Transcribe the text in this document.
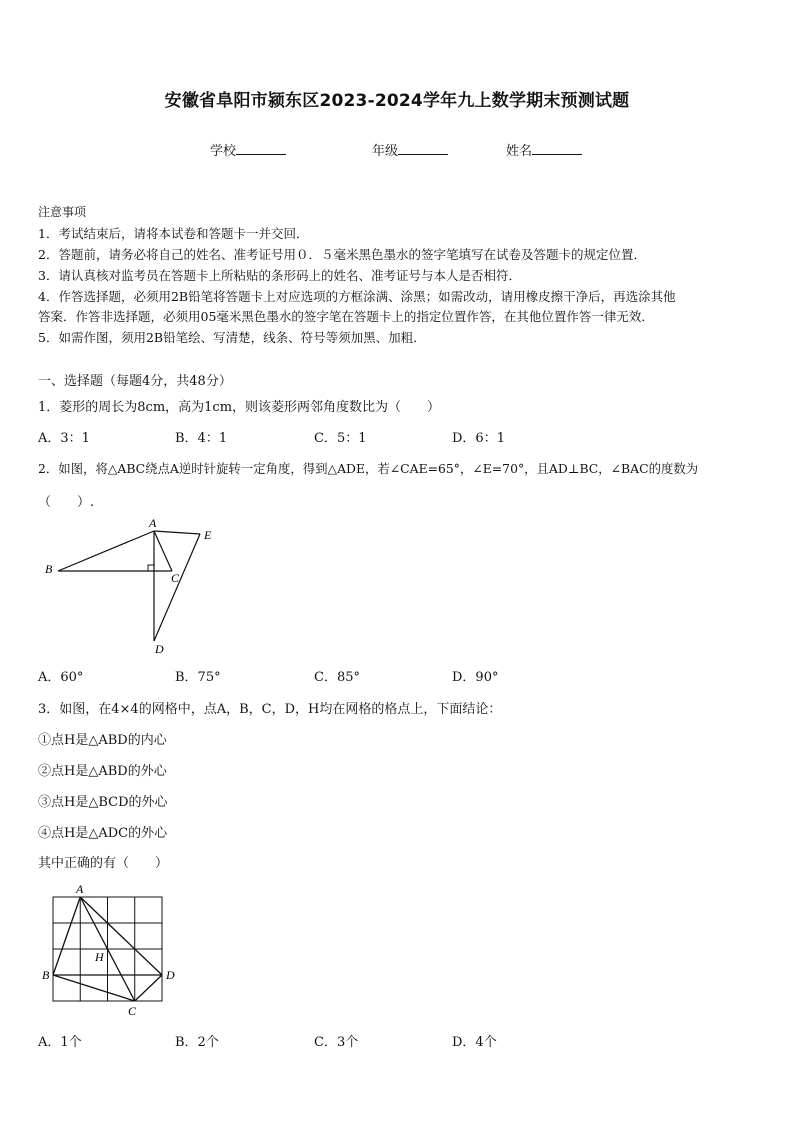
安徽省阜阳市颍东区2023-2024学年九上数学期末预测试题
学校	年级	姓名
注意事项
1．考试结束后，请将本试卷和答题卡一并交回．
2．答题前，请务必将自己的姓名、准考证号用０．５毫米黑色墨水的签字笔填写在试卷及答题卡的规定位置．
3．请认真核对监考员在答题卡上所粘贴的条形码上的姓名、准考证号与本人是否相符．
4．作答选择题，必须用2B铅笔将答题卡上对应选项的方框涂满、涂黑；如需改动，请用橡皮擦干净后，再选涂其他
答案．作答非选择题，必须用05毫米黑色墨水的签字笔在答题卡上的指定位置作答，在其他位置作答一律无效．
5．如需作图，须用2B铅笔绘、写清楚，线条、符号等须加黑、加粗．
一、选择题（每题4分，共48分）
1．菱形的周长为8cm，高为1cm，则该菱形两邻角度数比为（　　）
A．3：1	B．4：1	C．5：1	D．6：1
2．如图，将△ABC绕点A逆时针旋转一定角度，得到△ADE，若∠CAE=65°，∠E=70°，且AD⊥BC，∠BAC的度数为
（　　）.
A
B
C
D
E
A．60°	B．75°	C．85°	D．90°
3．如图，在4×4的网格中，点A，B，C，D，H均在网格的格点上，下面结论：
①点H是△ABD的内心
②点H是△ABD的外心
③点H是△BCD的外心
④点H是△ADC的外心
其中正确的有（　　）
A
B
C
D
H
A．1个	B．2个	C．3个	D．4个
